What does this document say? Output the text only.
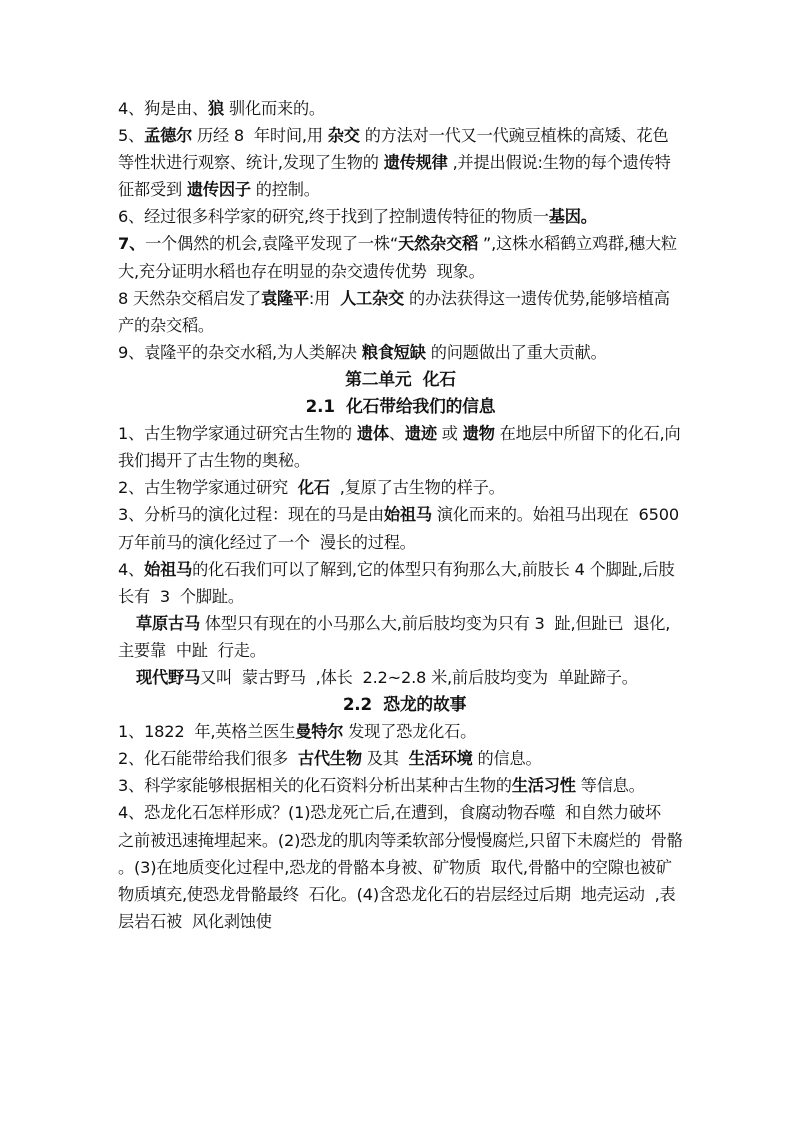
4、狗是由、狼 驯化而来的。

5、孟德尔 历经 8  年时间,用 杂交 的方法对一代又一代豌豆植株的高矮、花色等性状进行观察、统计,发现了生物的 遗传规律 ,并提出假说:生物的每个遗传特征都受到 遗传因子 的控制。

6、经过很多科学家的研究,终于找到了控制遗传特征的物质一基因。

7、一个偶然的机会,袁隆平发现了一株“天然杂交稻 ”,这株水稻鹤立鸡群,穗大粒大,充分证明水稻也存在明显的杂交遗传优势  现象。

8 天然杂交稻启发了袁隆平:用  人工杂交 的办法获得这一遗传优势,能够培植高产的杂交稻。

9、袁隆平的杂交水稻,为人类解决 粮食短缺 的问题做出了重大贡献。

第二单元  化石

2.1  化石带给我们的信息

1、古生物学家通过研究古生物的 遗体、遗迹 或 遗物 在地层中所留下的化石,向我们揭开了古生物的奥秘。

2、古生物学家通过研究  化石  ,复原了古生物的样子。

3、分析马的演化过程：现在的马是由始祖马 演化而来的。始祖马出现在  6500  万年前马的演化经过了一个  漫长的过程。

4、始祖马的化石我们可以了解到,它的体型只有狗那么大,前肢长 4 个脚趾,后肢长有  3  个脚趾。

草原古马 体型只有现在的小马那么大,前后肢均变为只有 3  趾,但趾已  退化,主要靠  中趾  行走。

现代野马又叫  蒙古野马  ,体长  2.2~2.8 米,前后肢均变为  单趾蹄子。

2.2  恐龙的故事

1、1822  年,英格兰医生曼特尔 发现了恐龙化石。

2、化石能带给我们很多  古代生物 及其  生活环境 的信息。

3、科学家能够根据相关的化石资料分析出某种古生物的生活习性 等信息。

4、恐龙化石怎样形成？(1)恐龙死亡后,在遭到，食腐动物吞噬  和自然力破坏  之前被迅速掩埋起来。(2)恐龙的肌肉等柔软部分慢慢腐烂,只留下未腐烂的  骨骼  。(3)在地质变化过程中,恐龙的骨骼本身被、矿物质  取代,骨骼中的空隙也被矿物质填充,使恐龙骨骼最终  石化。(4)含恐龙化石的岩层经过后期  地壳运动  ,表层岩石被  风化剥蚀使
